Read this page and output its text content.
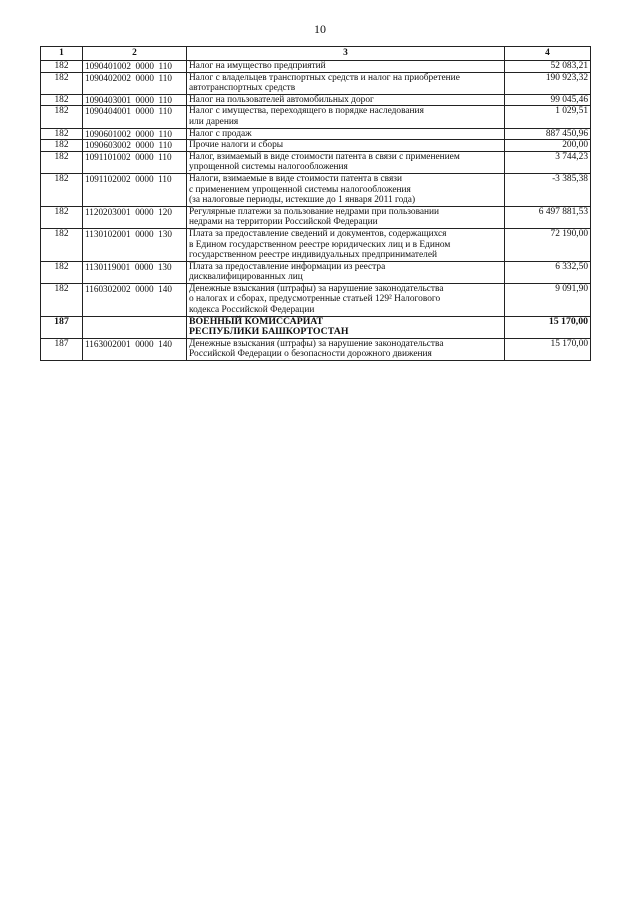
10
1	2	3	4
182	1090401002  0000  110	Налог на имущество предприятий	52 083,21
182	1090402002  0000  110	Налог с владельцев транспортных средств и налог на приобретение
автотранспортных средств	190 923,32
182	1090403001  0000  110	Налог на пользователей автомобильных дорог	99 045,46
182	1090404001  0000  110	Налог с имущества, переходящего в порядке наследования
или дарения	1 029,51
182	1090601002  0000  110	Налог с продаж	887 450,96
182	1090603002  0000  110	Прочие налоги и сборы	200,00
182	1091101002  0000  110	Налог, взимаемый в виде стоимости патента в связи с применением
упрощенной системы налогообложения	3 744,23
182	1091102002  0000  110	Налоги, взимаемые в виде стоимости патента в связи
с применением упрощенной системы налогообложения
(за налоговые периоды, истекшие до 1 января 2011 года)	-3 385,38
182	1120203001  0000  120	Регулярные платежи за пользование недрами при пользовании
недрами на территории Российской Федерации	6 497 881,53
182	1130102001  0000  130	Плата за предоставление сведений и документов, содержащихся
в Едином государственном реестре юридических лиц и в Едином
государственном реестре индивидуальных предпринимателей	72 190,00
182	1130119001  0000  130	Плата за предоставление информации из реестра
дисквалифицированных лиц	6 332,50
182	1160302002  0000  140	Денежные взыскания (штрафы) за нарушение законодательства
о налогах и сборах, предусмотренные статьей 129² Налогового
кодекса Российской Федерации	9 091,90
187		ВОЕННЫЙ КОМИССАРИАТ
РЕСПУБЛИКИ БАШКОРТОСТАН	15 170,00
187	1163002001  0000  140	Денежные взыскания (штрафы) за нарушение законодательства
Российской Федерации о безопасности дорожного движения	15 170,00
